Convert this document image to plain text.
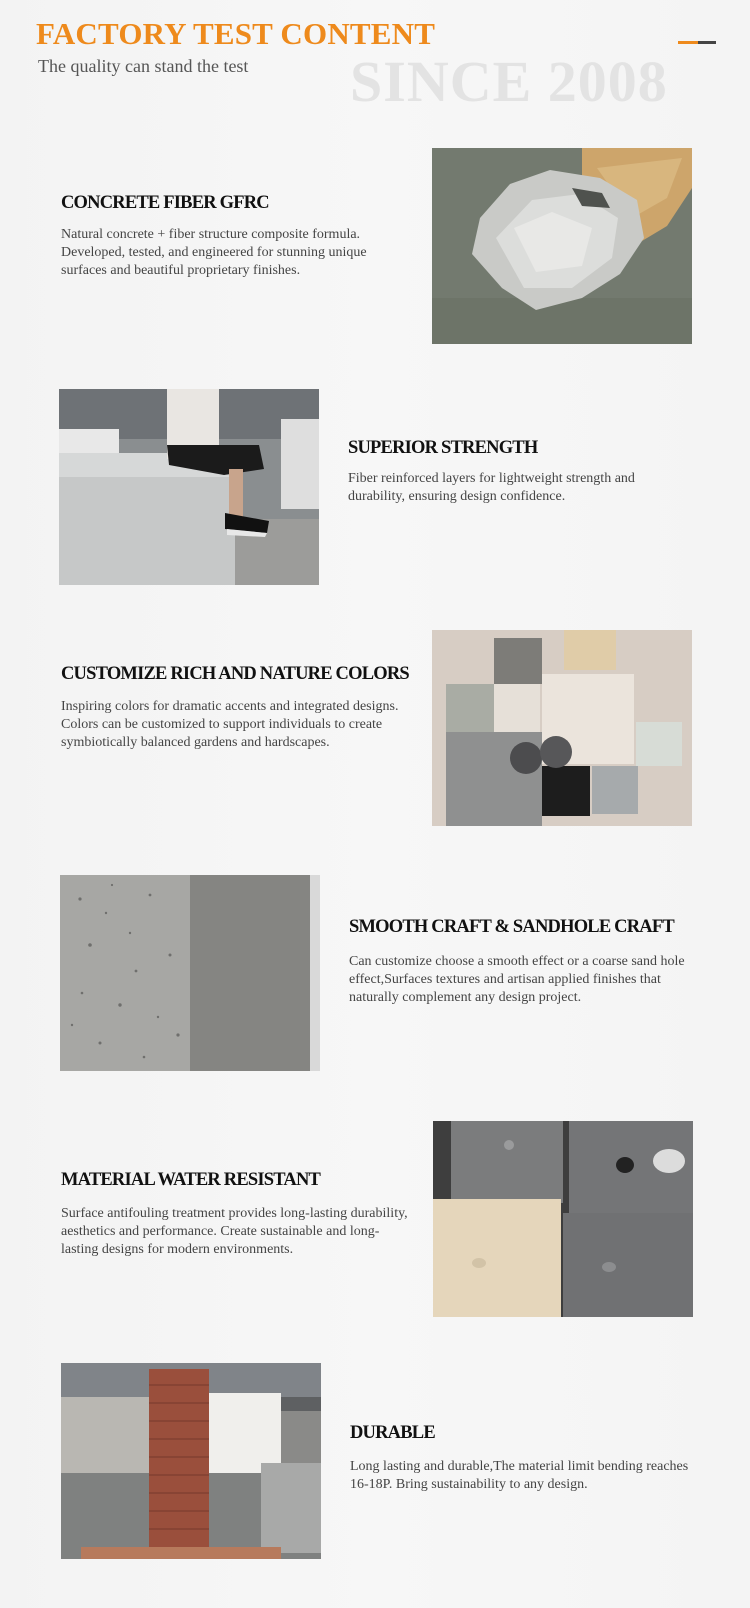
FACTORY TEST CONTENT
The quality can stand the test SINCE 2008
CONCRETE FIBER GFRC
Natural concrete + fiber structure composite formula. Developed, tested, and engineered for stunning unique surfaces and beautiful proprietary finishes.
SUPERIOR STRENGTH
Fiber reinforced layers for lightweight strength and durability, ensuring design confidence.
CUSTOMIZE RICH AND NATURE COLORS
Inspiring colors for dramatic accents and integrated designs. Colors can be customized to support individuals to create symbiotically balanced gardens and hardscapes.
SMOOTH CRAFT & SANDHOLE CRAFT
Can customize choose a smooth effect or a coarse sand hole effect,Surfaces textures and artisan applied finishes that naturally complement any design project.
MATERIAL WATER RESISTANT
Surface antifouling treatment provides long-lasting durability, aesthetics and performance. Create sustainable and long-lasting designs for modern environments.
DURABLE
Long lasting and durable,The material limit bending reaches 16-18P. Bring sustainability to any design.
